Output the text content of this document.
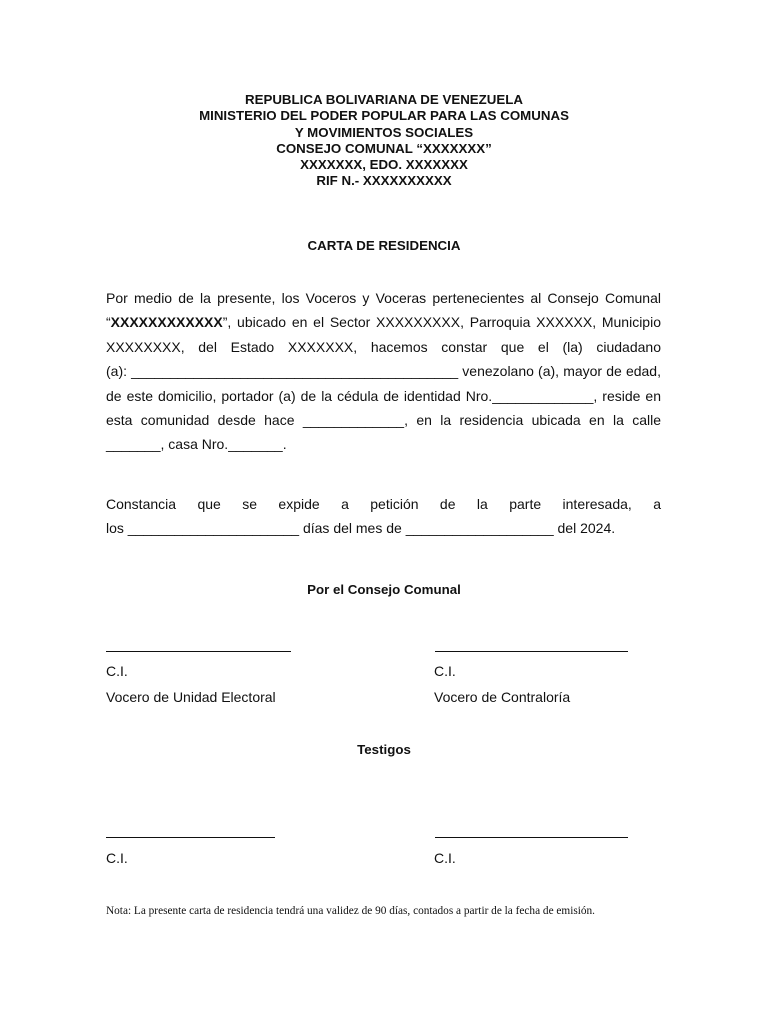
REPUBLICA BOLIVARIANA DE VENEZUELA
MINISTERIO DEL PODER POPULAR PARA LAS COMUNAS
Y MOVIMIENTOS SOCIALES
CONSEJO COMUNAL “XXXXXXX”
XXXXXXX, EDO. XXXXXXX
RIF N.- XXXXXXXXXX
CARTA DE RESIDENCIA
Por medio de la presente, los Voceros y Voceras pertenecientes al Consejo Comunal
“XXXXXXXXXXXX”, ubicado en el Sector XXXXXXXXX, Parroquia XXXXXX, Municipio
XXXXXXXX, del Estado XXXXXXX, hacemos constar que el (la) ciudadano
(a): __________________________________________ venezolano (a), mayor de edad,
de este domicilio, portador (a) de la cédula de identidad Nro._____________, reside en
esta comunidad desde hace _____________, en la residencia ubicada en la calle
_______, casa Nro._______.
Constancia que se expide a petición de la parte interesada, a
los ______________________ días del mes de ___________________ del 2024.
Por el Consejo Comunal
C.I.	C.I.
Vocero de Unidad Electoral	Vocero de Contraloría
Testigos
C.I.	C.I.
Nota: La presente carta de residencia tendrá una validez de 90 días, contados a partir de la fecha de emisión.
